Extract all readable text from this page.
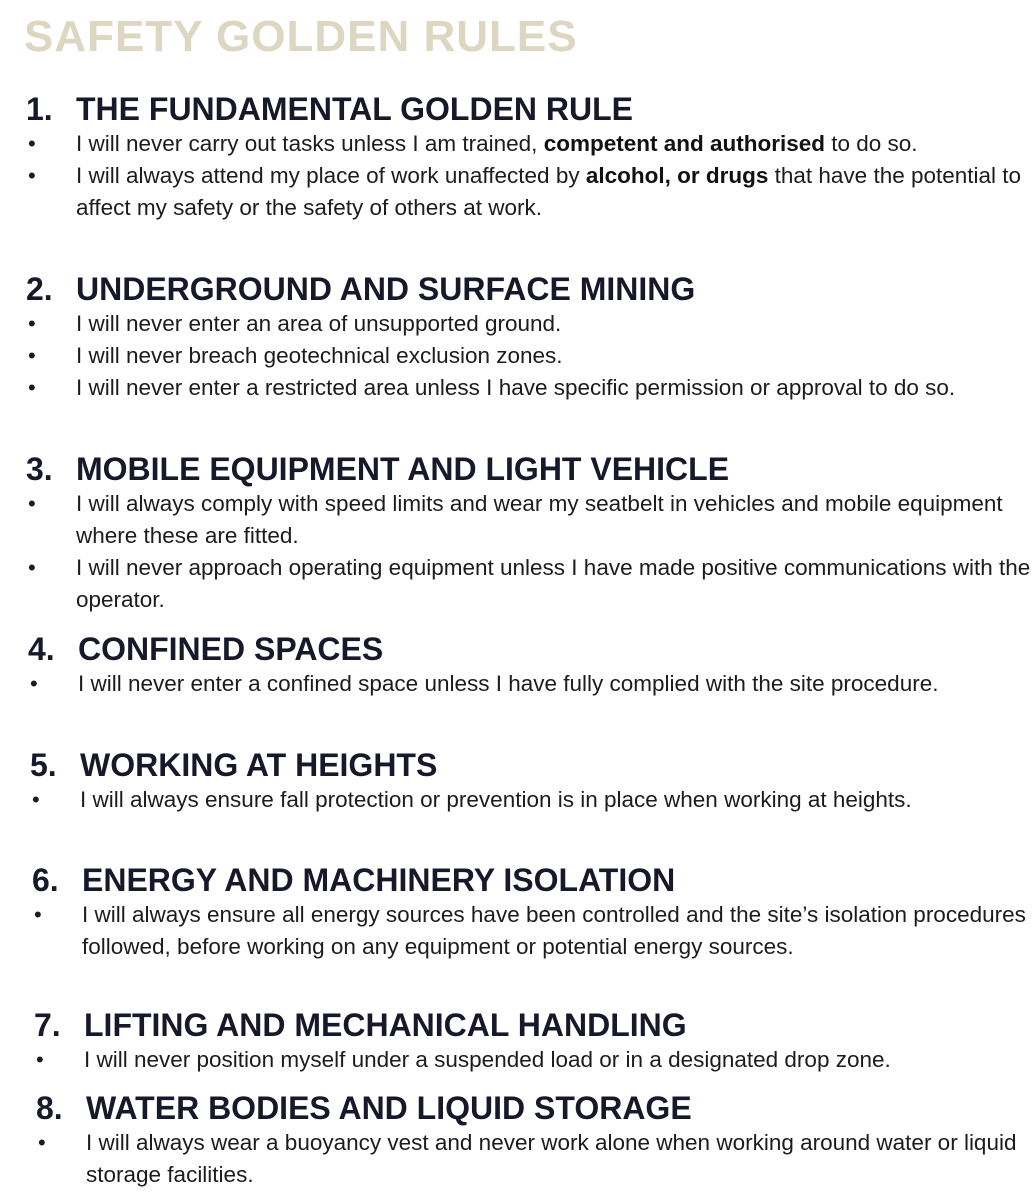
SAFETY GOLDEN RULES
1. THE FUNDAMENTAL GOLDEN RULE
• I will never carry out tasks unless I am trained, competent and authorised to do so.
• I will always attend my place of work unaffected by alcohol, or drugs that have the potential to affect my safety or the safety of others at work.
2. UNDERGROUND AND SURFACE MINING
• I will never enter an area of unsupported ground.
• I will never breach geotechnical exclusion zones.
• I will never enter a restricted area unless I have specific permission or approval to do so.
3. MOBILE EQUIPMENT AND LIGHT VEHICLE
• I will always comply with speed limits and wear my seatbelt in vehicles and mobile equipment where these are fitted.
• I will never approach operating equipment unless I have made positive communications with the operator.
4. CONFINED SPACES
• I will never enter a confined space unless I have fully complied with the site procedure.
5. WORKING AT HEIGHTS
• I will always ensure fall protection or prevention is in place when working at heights.
6. ENERGY AND MACHINERY ISOLATION
• I will always ensure all energy sources have been controlled and the site’s isolation procedures followed, before working on any equipment or potential energy sources.
7. LIFTING AND MECHANICAL HANDLING
• I will never position myself under a suspended load or in a designated drop zone.
8. WATER BODIES AND LIQUID STORAGE
• I will always wear a buoyancy vest and never work alone when working around water or liquid storage facilities.
